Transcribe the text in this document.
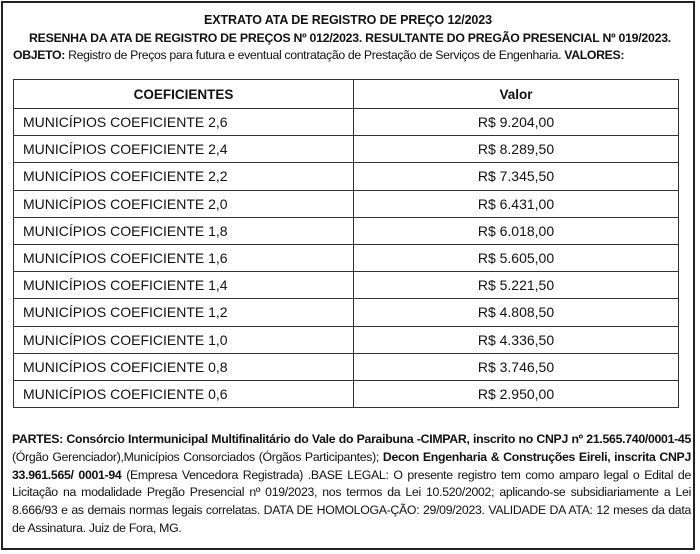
EXTRATO ATA DE REGISTRO DE PREÇO 12/2023
RESENHA DA ATA DE REGISTRO DE PREÇOS Nº 012/2023. RESULTANTE DO PREGÃO PRESENCIAL Nº 019/2023.
OBJETO: Registro de Preços para futura e eventual contratação de Prestação de Serviços de Engenharia. VALORES:
COEFICIENTES	Valor
MUNICÍPIOS COEFICIENTE 2,6	R$ 9.204,00
MUNICÍPIOS COEFICIENTE 2,4	R$ 8.289,50
MUNICÍPIOS COEFICIENTE 2,2	R$ 7.345,50
MUNICÍPIOS COEFICIENTE 2,0	R$ 6.431,00
MUNICÍPIOS COEFICIENTE 1,8	R$ 6.018,00
MUNICÍPIOS COEFICIENTE 1,6	R$ 5.605,00
MUNICÍPIOS COEFICIENTE 1,4	R$ 5.221,50
MUNICÍPIOS COEFICIENTE 1,2	R$ 4.808,50
MUNICÍPIOS COEFICIENTE 1,0	R$ 4.336,50
MUNICÍPIOS COEFICIENTE 0,8	R$ 3.746,50
MUNICÍPIOS COEFICIENTE 0,6	R$ 2.950,00
PARTES: Consórcio Intermunicipal Multifinalitário do Vale do Paraibuna -CIMPAR, inscrito no CNPJ nº 21.565.740/0001-45 (Órgão Gerenciador),Municípios Consorciados (Órgãos Participantes); Decon Engenharia & Construções Eireli, inscrita CNPJ 33.961.565/ 0001-94 (Empresa Vencedora Registrada) .BASE LEGAL: O presente registro tem como amparo legal o Edital de Licitação na modalidade Pregão Presencial nº 019/2023, nos termos da Lei 10.520/2002; aplicando-se subsidiariamente a Lei 8.666/93 e as demais normas legais correlatas. DATA DE HOMOLOGA-ÇÃO: 29/09/2023. VALIDADE DA ATA: 12 meses da data de Assinatura. Juiz de Fora, MG.
